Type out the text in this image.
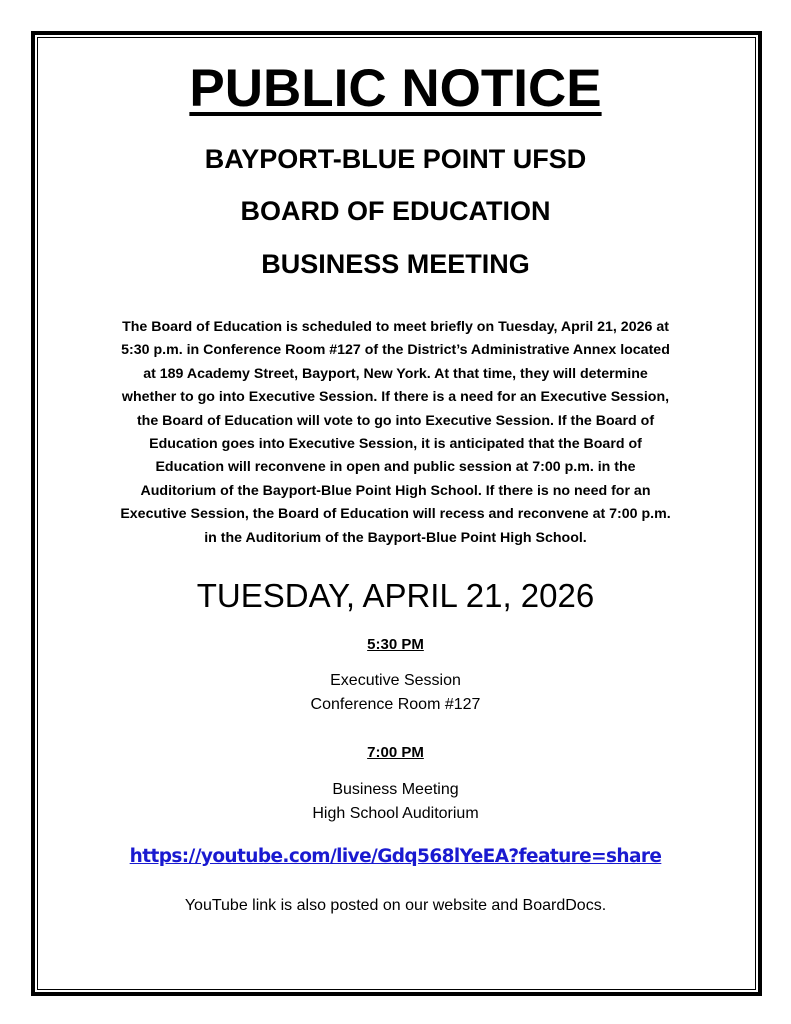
PUBLIC NOTICE
BAYPORT-BLUE POINT UFSD
BOARD OF EDUCATION
BUSINESS MEETING
The Board of Education is scheduled to meet briefly on Tuesday, April 21, 2026 at
5:30 p.m. in Conference Room #127 of the District’s Administrative Annex located
at 189 Academy Street, Bayport, New York. At that time, they will determine
whether to go into Executive Session. If there is a need for an Executive Session,
the Board of Education will vote to go into Executive Session. If the Board of
Education goes into Executive Session, it is anticipated that the Board of
Education will reconvene in open and public session at 7:00 p.m. in the
Auditorium of the Bayport-Blue Point High School. If there is no need for an
Executive Session, the Board of Education will recess and reconvene at 7:00 p.m.
in the Auditorium of the Bayport-Blue Point High School.
TUESDAY, APRIL 21, 2026
5:30 PM
Executive Session
Conference Room #127
7:00 PM
Business Meeting
High School Auditorium
https://youtube.com/live/Gdq568lYeEA?feature=share
YouTube link is also posted on our website and BoardDocs.
